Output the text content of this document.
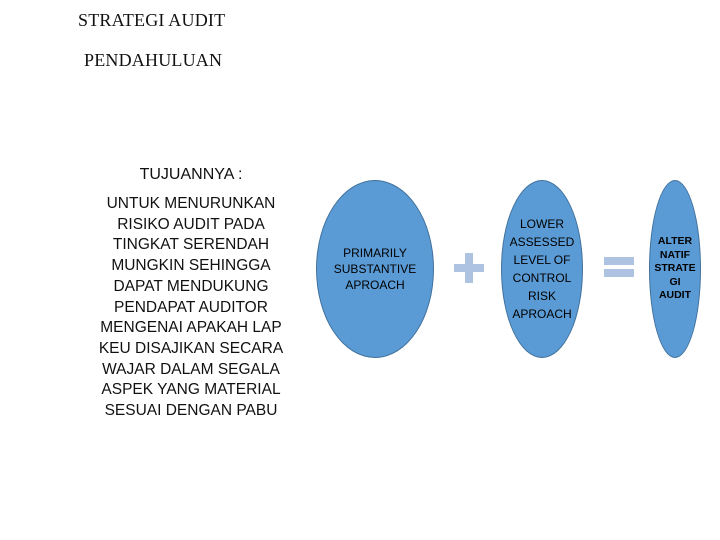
STRATEGI AUDIT
PENDAHULUAN
TUJUANNYA :
UNTUK MENURUNKAN
RISIKO AUDIT PADA
TINGKAT SERENDAH
MUNGKIN SEHINGGA
DAPAT MENDUKUNG
PENDAPAT AUDITOR
MENGENAI APAKAH LAP
KEU DISAJIKAN SECARA
WAJAR DALAM SEGALA
ASPEK YANG MATERIAL
SESUAI DENGAN PABU
PRIMARILY
SUBSTANTIVE
APROACH
LOWER
ASSESSED
LEVEL OF
CONTROL
RISK
APROACH
ALTER
NATIF
STRATE
GI
AUDIT
